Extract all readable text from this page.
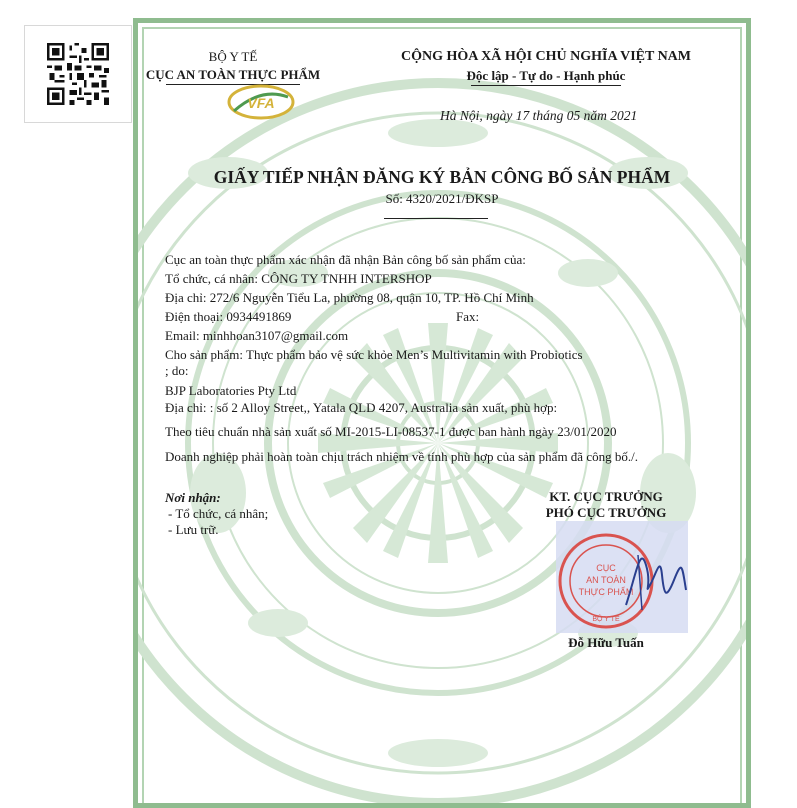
BỘ Y TẾ
CỤC AN TOÀN THỰC PHẨM
VFA
CỘNG HÒA XÃ HỘI CHỦ NGHĨA VIỆT NAM
Độc lập - Tự do - Hạnh phúc
Hà Nội, ngày 17 tháng 05 năm 2021
GIẤY TIẾP NHẬN ĐĂNG KÝ BẢN CÔNG BỐ SẢN PHẨM
Số: 4320/2021/ĐKSP
Cục an toàn thực phẩm xác nhận đã nhận Bản công bố sản phẩm của:
Tổ chức, cá nhân: CÔNG TY TNHH INTERSHOP
Địa chỉ: 272/6 Nguyễn Tiểu La, phường 08, quận 10, TP. Hồ Chí Minh
Điện thoại: 0934491869	Fax:
Email: minhhoan3107@gmail.com
Cho sản phẩm: Thực phẩm bảo vệ sức khỏe Men’s Multivitamin with Probiotics
; do:
BJP Laboratories Pty Ltd
Địa chỉ: : số 2 Alloy Street,, Yatala QLD 4207, Australia sản xuất, phù hợp:
Theo tiêu chuẩn nhà sản xuất số MI-2015-LI-08537-1 được ban hành ngày 23/01/2020
Doanh nghiệp phải hoàn toàn chịu trách nhiệm về tính phù hợp của sản phẩm đã công bố./.
Nơi nhận:
- Tổ chức, cá nhân;
- Lưu trữ.
KT. CỤC TRƯỞNG
PHÓ CỤC TRƯỞNG
CỤC
AN TOÀN
THỰC PHẨM
BỘ Y TẾ
Đỗ Hữu Tuấn
